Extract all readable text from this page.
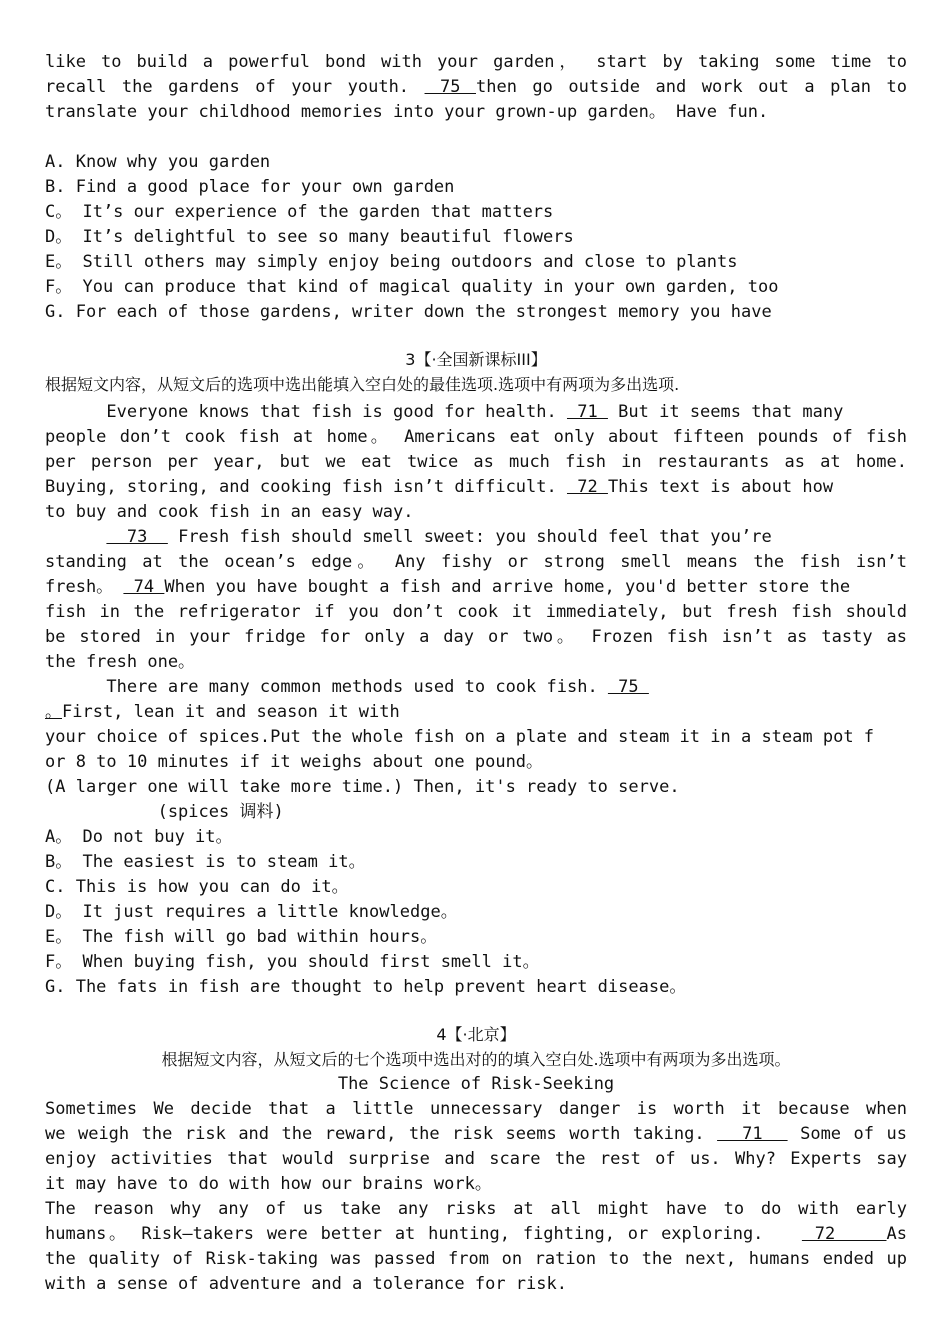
like to build a powerful bond with your garden， start by taking some time to
recall the gardens of your youth.  75 then go outside and work out a plan to
translate your childhood memories into your grown-up garden。 Have fun.
A. Know why you garden
B. Find a good place for your own garden
C。 It’s our experience of the garden that matters
D。 It’s delightful to see so many beautiful flowers
E。 Still others may simply enjoy being outdoors and close to plants
F。 You can produce that kind of magical quality in your own garden, too
G. For each of those gardens, writer down the strongest memory you have
3【·全国新课标III】
根据短文内容，从短文后的选项中选出能填入空白处的最佳选项.选项中有两项为多出选项.
Everyone knows that fish is good for health.  71  But it seems that many
people don’t cook fish at home。 Americans eat only about fifteen pounds of fish
per person per year, but we eat twice as much fish in restaurants as at home.
Buying, storing, and cooking fish isn’t difficult.  72 This text is about how
to buy and cook fish in an easy way.
73   Fresh fish should smell sweet: you should feel that you’re
standing at the ocean’s edge。 Any fishy or strong smell means the fish isn’t
fresh。  74 When you have bought a fish and arrive home, you'd better store the
fish in the refrigerator if you don’t cook it immediately, but fresh fish should
be stored in your fridge for only a day or two。 Frozen fish isn’t as tasty as
the fresh one。
There are many common methods used to cook fish.  75
。First, lean it and season it with
your choice of spices.Put the whole fish on a plate and steam it in a steam pot f
or 8 to 10 minutes if it weighs about one pound。
(A larger one will take more time.) Then, it's ready to serve.
(spices 调料)
A。 Do not buy it。
B。 The easiest is to steam it。
C. This is how you can do it。
D。 It just requires a little knowledge。
E。 The fish will go bad within hours。
F。 When buying fish, you should first smell it。
G. The fats in fish are thought to help prevent heart disease。
4【·北京】
根据短文内容，从短文后的七个选项中选出对的的填入空白处.选项中有两项为多出选项。
The Science of Risk-Seeking
Sometimes We decide that a little unnecessary danger is worth it because when
we weigh the risk and the reward, the risk seems worth taking.   71   Some of us
enjoy activities that would surprise and scare the rest of us. Why? Experts say
it may have to do with how our brains work。
The reason why any of us take any risks at all might have to do with early
humans。 Risk—takers were better at hunting, fighting, or exploring.    72    As
the quality of Risk-taking was passed from on ration to the next, humans ended up
with a sense of adventure and a tolerance for risk.
